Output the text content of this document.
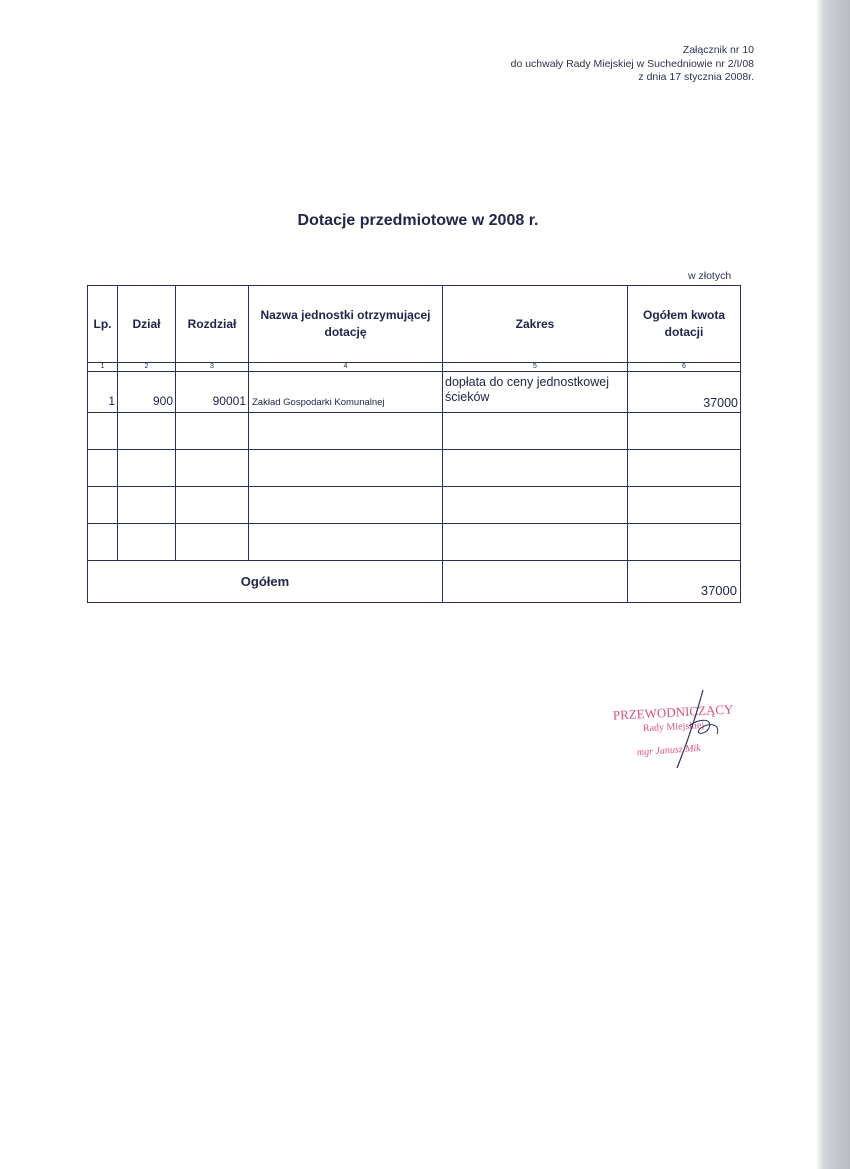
Załącznik nr 10
do uchwały Rady Miejskiej w Suchedniowie nr 2/I/08
z dnia 17 stycznia 2008r.
Dotacje przedmiotowe w 2008 r.
w złotych
Lp.	Dział	Rozdział	Nazwa jednostki otrzymującej dotację	Zakres	Ogółem kwota dotacji
1	2	3	4	5	6
1	900	90001	Zakład Gospodarki Komunalnej	dopłata do ceny jednostkowej ścieków	37000

Ogółem					37000
PRZEWODNICZĄCY
Rady Miejskiej
mgr Janusz Mik
